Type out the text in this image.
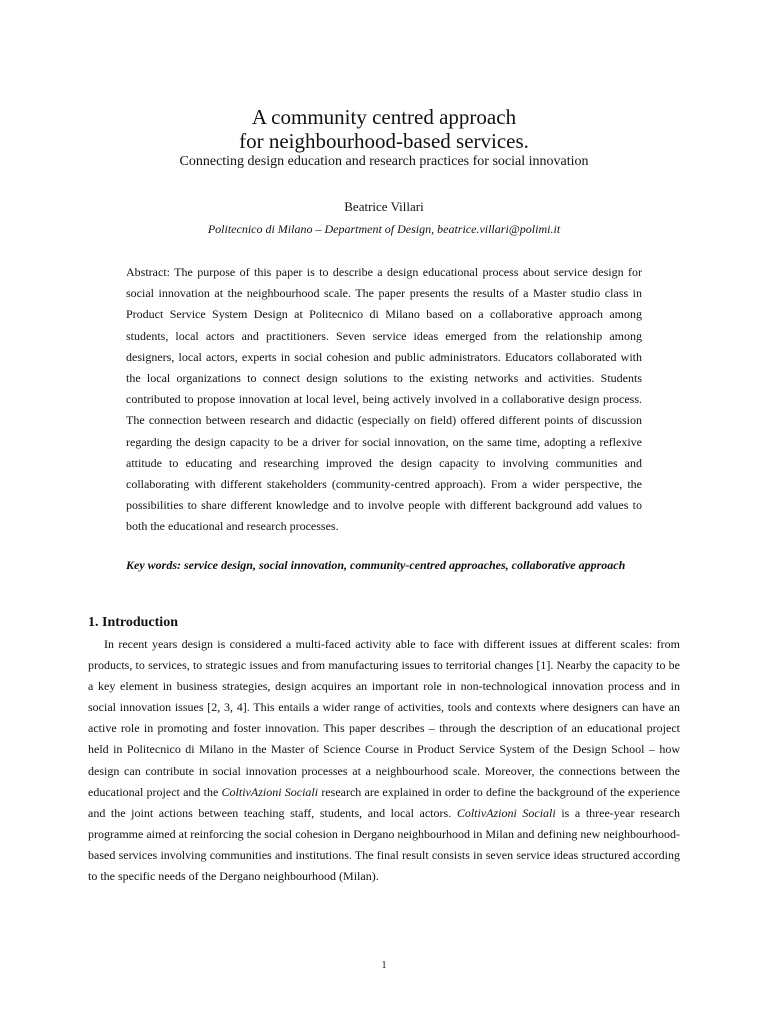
A community centred approach
for neighbourhood-based services.
Connecting design education and research practices for social innovation
Beatrice Villari
Politecnico di Milano – Department of Design, beatrice.villari@polimi.it

Abstract: The purpose of this paper is to describe a design educational process about service design for social innovation at the neighbourhood scale. The paper presents the results of a Master studio class in Product Service System Design at Politecnico di Milano based on a collaborative approach among students, local actors and practitioners. Seven service ideas emerged from the relationship among designers, local actors, experts in social cohesion and public administrators. Educators collaborated with the local organizations to connect design solutions to the existing networks and activities. Students contributed to propose innovation at local level, being actively involved in a collaborative design process. The connection between research and didactic (especially on field) offered different points of discussion regarding the design capacity to be a driver for social innovation, on the same time, adopting a reflexive attitude to educating and researching improved the design capacity to involving communities and collaborating with different stakeholders (community-centred approach). From a wider perspective, the possibilities to share different knowledge and to involve people with different background add values to both the educational and research processes.

Key words: service design, social innovation, community-centred approaches, collaborative approach

1. Introduction

In recent years design is considered a multi-faced activity able to face with different issues at different scales: from products, to services, to strategic issues and from manufacturing issues to territorial changes [1]. Nearby the capacity to be a key element in business strategies, design acquires an important role in non-technological innovation process and in social innovation issues [2, 3, 4]. This entails a wider range of activities, tools and contexts where designers can have an active role in promoting and foster innovation. This paper describes – through the description of an educational project held in Politecnico di Milano in the Master of Science Course in Product Service System of the Design School – how design can contribute in social innovation processes at a neighbourhood scale. Moreover, the connections between the educational project and the ColtivAzioni Sociali research are explained in order to define the background of the experience and the joint actions between teaching staff, students, and local actors. ColtivAzioni Sociali is a three-year research programme aimed at reinforcing the social cohesion in Dergano neighbourhood in Milan and defining new neighbourhood-based services involving communities and institutions. The final result consists in seven service ideas structured according to the specific needs of the Dergano neighbourhood (Milan).

1
